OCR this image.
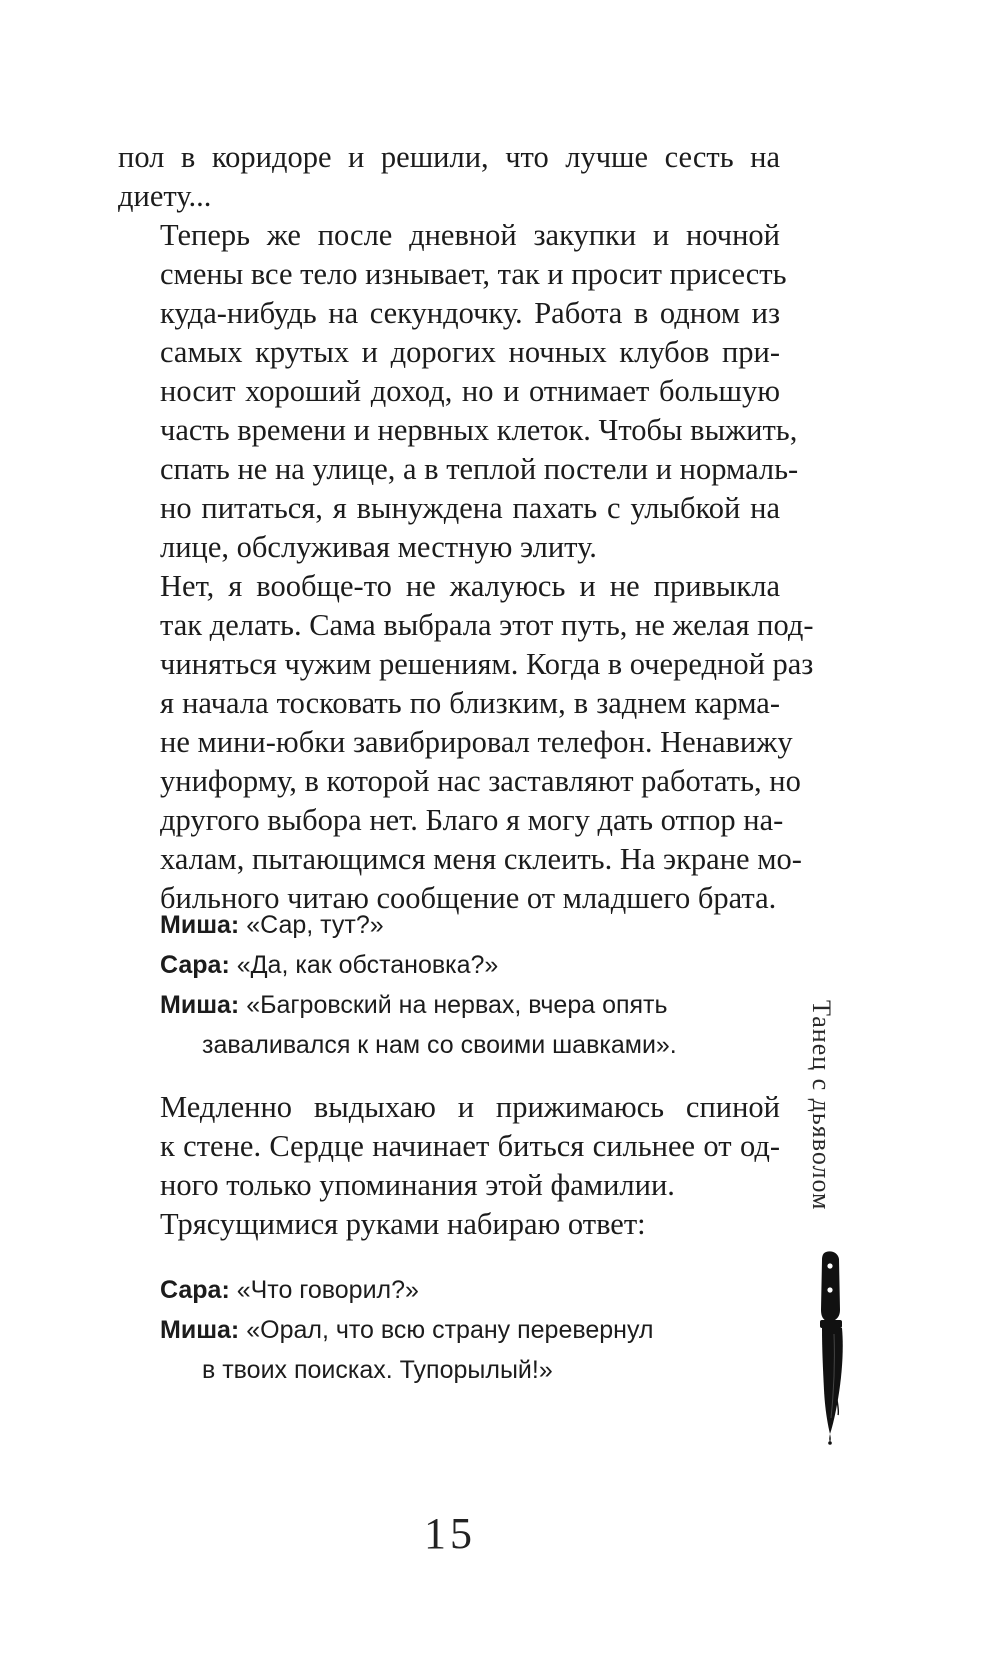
пол в коридоре и решили, что лучше сесть на
диету...

Теперь же после дневной закупки и ночной
смены все тело изнывает, так и просит присесть
куда-нибудь на секундочку. Работа в одном из
самых крутых и дорогих ночных клубов при-
носит хороший доход, но и отнимает большую
часть времени и нервных клеток. Чтобы выжить,
спать не на улице, а в теплой постели и нормаль-
но питаться, я вынуждена пахать с улыбкой на
лице, обслуживая местную элиту.

Нет, я вообще-то не жалуюсь и не привыкла
так делать. Сама выбрала этот путь, не желая под-
чиняться чужим решениям. Когда в очередной раз
я начала тосковать по близким, в заднем карма-
не мини-юбки завибрировал телефон. Ненавижу
униформу, в которой нас заставляют работать, но
другого выбора нет. Благо я могу дать отпор на-
халам, пытающимся меня склеить. На экране мо-
бильного читаю сообщение от младшего брата.

Миша: «Сар, тут?»
Сара: «Да, как обстановка?»
Миша: «Багровский на нервах, вчера опять
заваливался к нам со своими шавками».

Медленно выдыхаю и прижимаюсь спиной
к стене. Сердце начинает биться сильнее от од-
ного только упоминания этой фамилии.

Трясущимися руками набираю ответ:

Сара: «Что говорил?»
Миша: «Орал, что всю страну перевернул
в твоих поисках. Тупорылый!»
15
Танец с дьяволом
